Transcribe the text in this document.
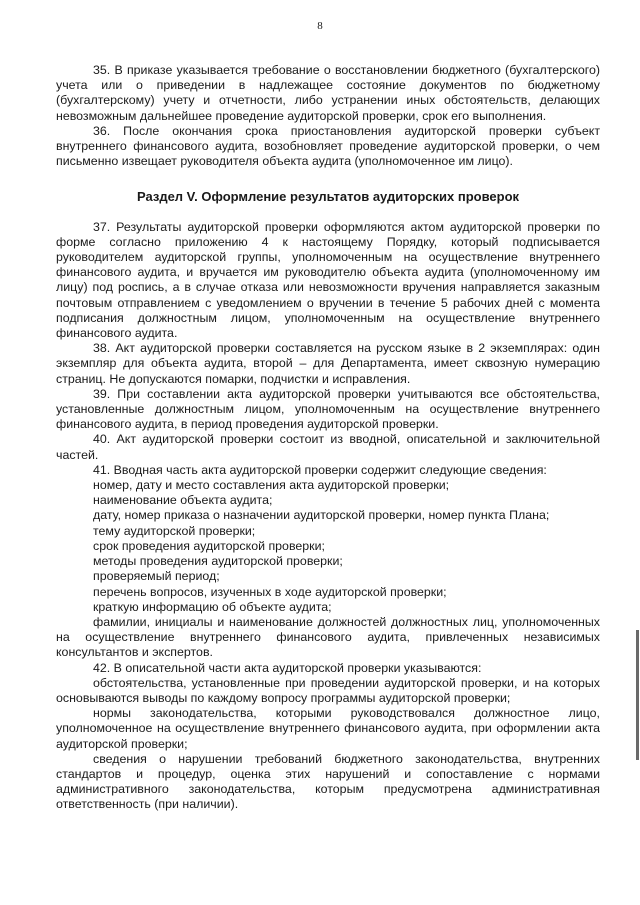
8

35. В приказе указывается требование о восстановлении бюджетного (бухгалтерского) учета или о приведении в надлежащее состояние документов по бюджетному (бухгалтерскому) учету и отчетности, либо устранении иных обстоятельств, делающих невозможным дальнейшее проведение аудиторской проверки, срок его выполнения.

36. После окончания срока приостановления аудиторской проверки субъект внутреннего финансового аудита, возобновляет проведение аудиторской проверки, о чем письменно извещает руководителя объекта аудита (уполномоченное им лицо).

Раздел V. Оформление результатов аудиторских проверок

37. Результаты аудиторской проверки оформляются актом аудиторской проверки по форме согласно приложению 4 к настоящему Порядку, который подписывается руководителем аудиторской группы, уполномоченным на осуществление внутреннего финансового аудита, и вручается им руководителю объекта аудита (уполномоченному им лицу) под роспись, а в случае отказа или невозможности вручения направляется заказным почтовым отправлением с уведомлением о вручении в течение 5 рабочих дней с момента подписания должностным лицом, уполномоченным на осуществление внутреннего финансового аудита.

38. Акт аудиторской проверки составляется на русском языке в 2 экземплярах: один экземпляр для объекта аудита, второй – для Департамента, имеет сквозную нумерацию страниц. Не допускаются помарки, подчистки и исправления.

39. При составлении акта аудиторской проверки учитываются все обстоятельства, установленные должностным лицом, уполномоченным на осуществление внутреннего финансового аудита, в период проведения аудиторской проверки.

40. Акт аудиторской проверки состоит из вводной, описательной и заключительной частей.

41. Вводная часть акта аудиторской проверки содержит следующие сведения:

номер, дату и место составления акта аудиторской проверки;

наименование объекта аудита;

дату, номер приказа о назначении аудиторской проверки, номер пункта Плана;

тему аудиторской проверки;

срок проведения аудиторской проверки;

методы проведения аудиторской проверки;

проверяемый период;

перечень вопросов, изученных в ходе аудиторской проверки;

краткую информацию об объекте аудита;

фамилии, инициалы и наименование должностей должностных лиц, уполномоченных на осуществление внутреннего финансового аудита, привлеченных независимых консультантов и экспертов.

42. В описательной части акта аудиторской проверки указываются:

обстоятельства, установленные при проведении аудиторской проверки, и на которых основываются выводы по каждому вопросу программы аудиторской проверки;

нормы законодательства, которыми руководствовался должностное лицо, уполномоченное на осуществление внутреннего финансового аудита, при оформлении акта аудиторской проверки;

сведения о нарушении требований бюджетного законодательства, внутренних стандартов и процедур, оценка этих нарушений и сопоставление с нормами административного законодательства, которым предусмотрена административная ответственность (при наличии).
